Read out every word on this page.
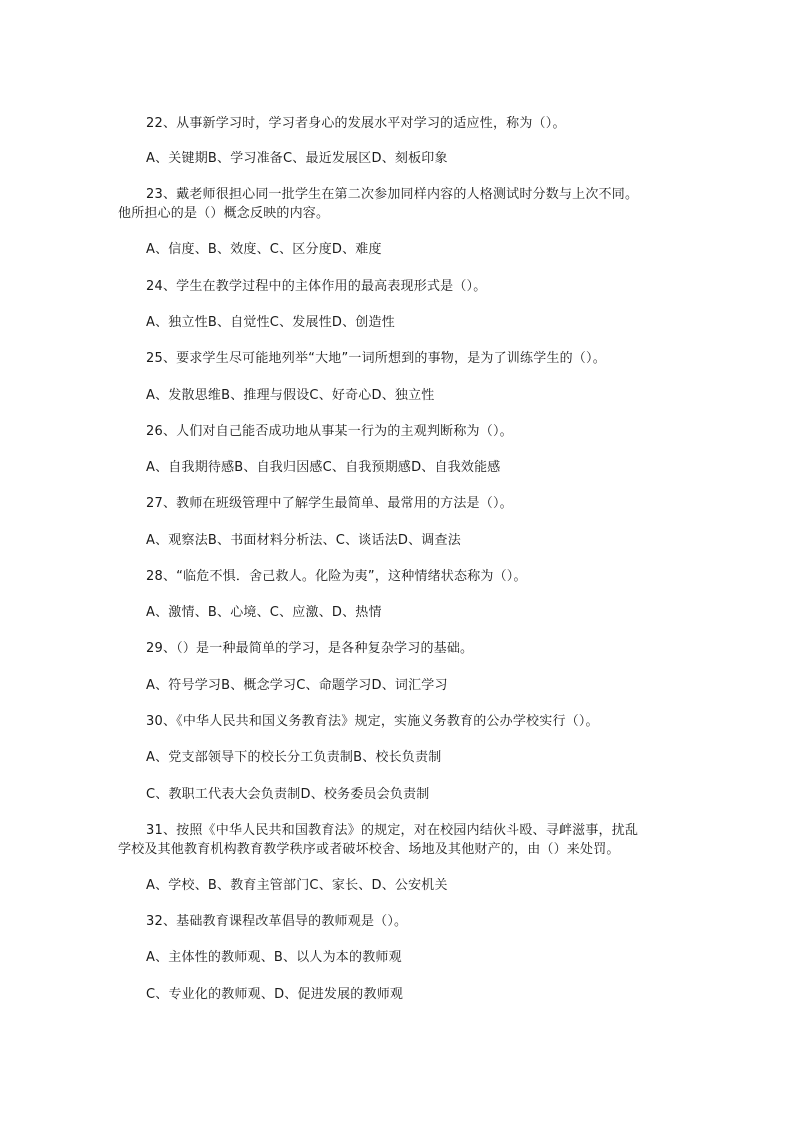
22、从事新学习时，学习者身心的发展水平对学习的适应性，称为（）。
A、关键期B、学习准备C、最近发展区D、刻板印象
23、戴老师很担心同一批学生在第二次参加同样内容的人格测试时分数与上次不同。
他所担心的是（）概念反映的内容。
A、信度、B、效度、C、区分度D、难度
24、学生在教学过程中的主体作用的最高表现形式是（）。
A、独立性B、自觉性C、发展性D、创造性
25、要求学生尽可能地列举“大地”一词所想到的事物，是为了训练学生的（）。
A、发散思维B、推理与假设C、好奇心D、独立性
26、人们对自己能否成功地从事某一行为的主观判断称为（）。
A、自我期待感B、自我归因感C、自我预期感D、自我效能感
27、教师在班级管理中了解学生最简单、最常用的方法是（）。
A、观察法B、书面材料分析法、C、谈话法D、调查法
28、“临危不惧．舍己救人。化险为夷”，这种情绪状态称为（）。
A、激情、B、心境、C、应激、D、热情
29、（）是一种最简单的学习，是各种复杂学习的基础。
A、符号学习B、概念学习C、命题学习D、词汇学习
30、《中华人民共和国义务教育法》规定，实施义务教育的公办学校实行（）。
A、党支部领导下的校长分工负责制B、校长负责制
C、教职工代表大会负责制D、校务委员会负责制
31、按照《中华人民共和国教育法》的规定，对在校园内结伙斗殴、寻衅滋事，扰乱
学校及其他教育机构教育教学秩序或者破坏校舍、场地及其他财产的，由（）来处罚。
A、学校、B、教育主管部门C、家长、D、公安机关
32、基础教育课程改革倡导的教师观是（）。
A、主体性的教师观、B、以人为本的教师观
C、专业化的教师观、D、促进发展的教师观
